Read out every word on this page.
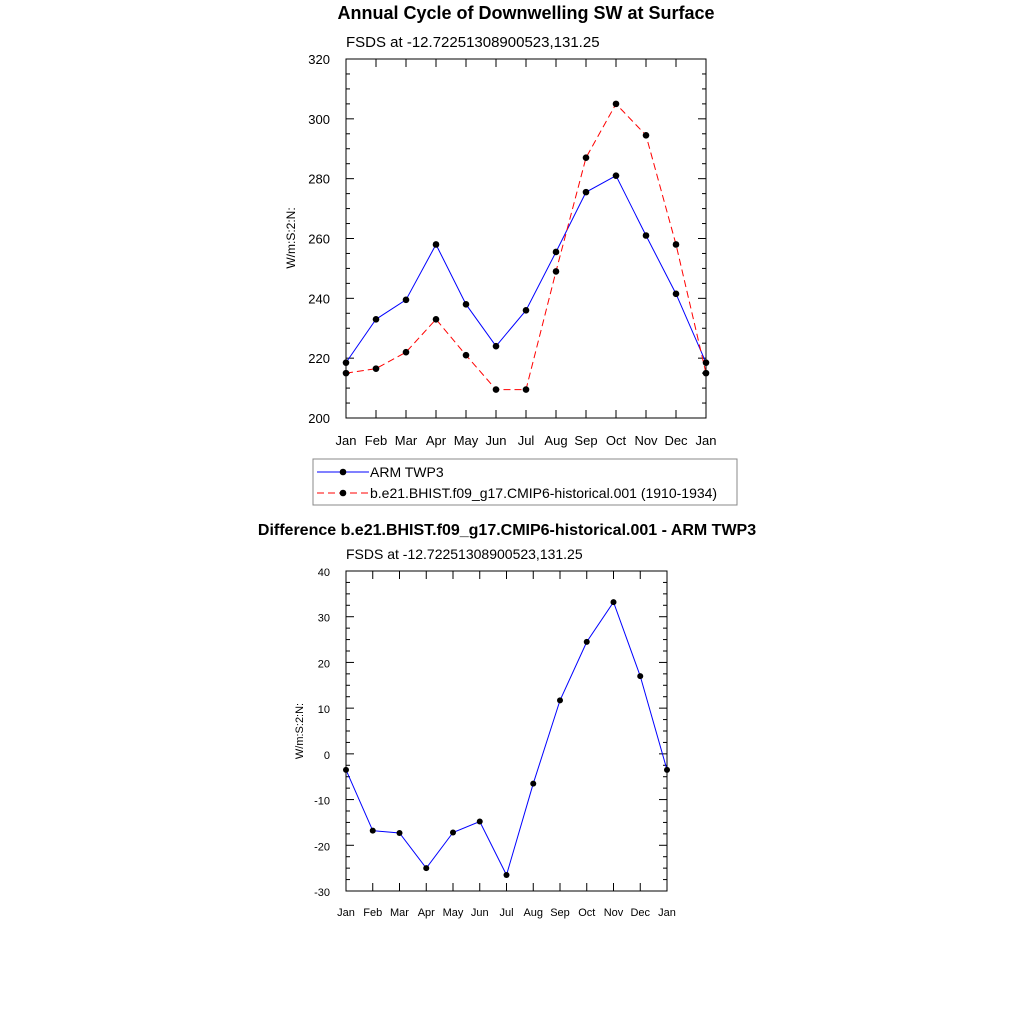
Annual Cycle of Downwelling SW at Surface
FSDS at -12.72251308900523,131.25
W/m:S:2:N:
ARM TWP3
b.e21.BHIST.f09_g17.CMIP6-historical.001 (1910-1934)
Difference b.e21.BHIST.f09_g17.CMIP6-historical.001 - ARM TWP3
FSDS at -12.72251308900523,131.25
W/m:S:2:N:
200
220
240
260
280
300
320
Jan Feb Mar Apr May Jun Jul Aug Sep Oct Nov Dec Jan
-30
-20
-10
0
10
20
30
40
Jan Feb Mar Apr May Jun Jul Aug Sep Oct Nov Dec Jan
